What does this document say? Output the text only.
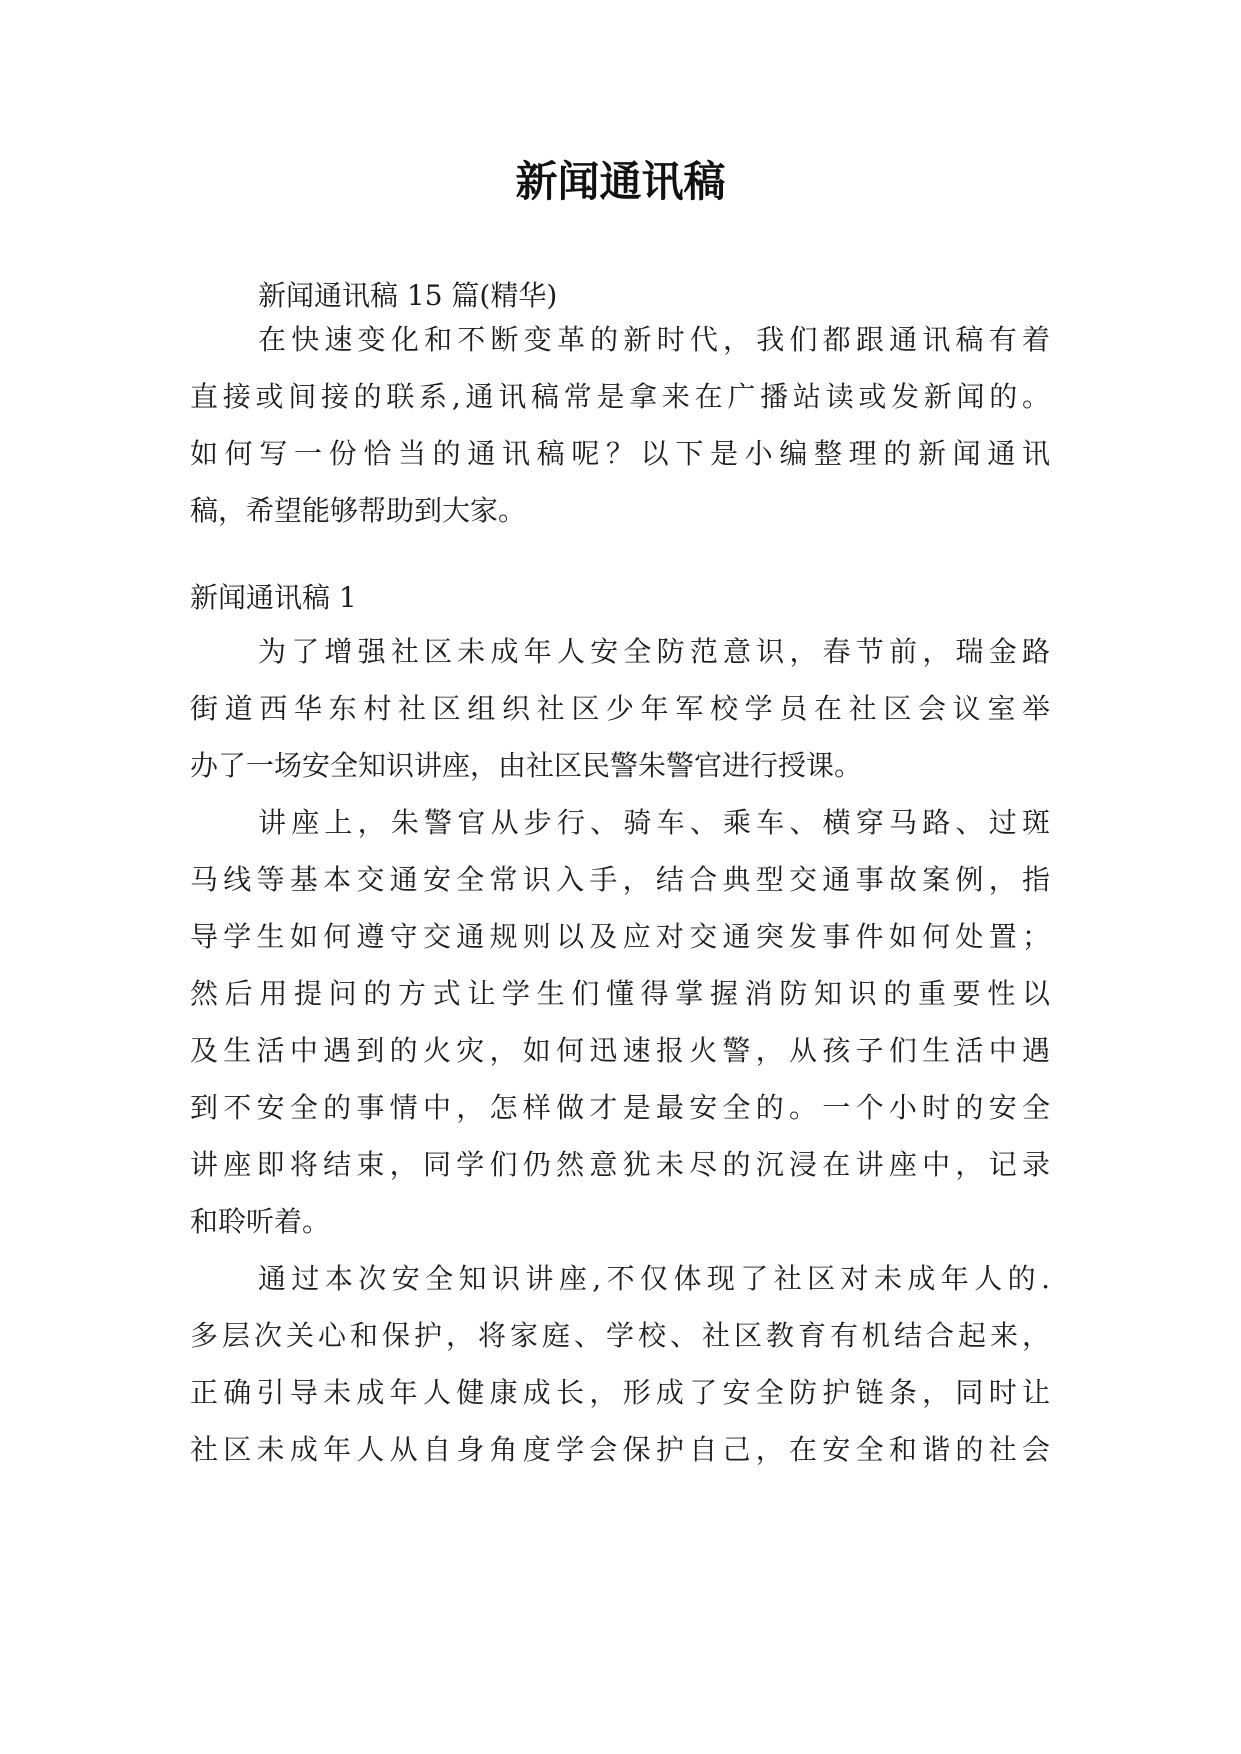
新闻通讯稿
新闻通讯稿 15 篇(精华)
在快速变化和不断变革的新时代，我们都跟通讯稿有着
直接或间接的联系,通讯稿常是拿来在广播站读或发新闻的。
如何写一份恰当的通讯稿呢？以下是小编整理的新闻通讯
稿，希望能够帮助到大家。
新闻通讯稿 1
为了增强社区未成年人安全防范意识，春节前，瑞金路
街道西华东村社区组织社区少年军校学员在社区会议室举
办了一场安全知识讲座，由社区民警朱警官进行授课。
讲座上，朱警官从步行、骑车、乘车、横穿马路、过斑
马线等基本交通安全常识入手，结合典型交通事故案例，指
导学生如何遵守交通规则以及应对交通突发事件如何处置；
然后用提问的方式让学生们懂得掌握消防知识的重要性以
及生活中遇到的火灾，如何迅速报火警，从孩子们生活中遇
到不安全的事情中，怎样做才是最安全的。一个小时的安全
讲座即将结束，同学们仍然意犹未尽的沉浸在讲座中，记录
和聆听着。
通过本次安全知识讲座,不仅体现了社区对未成年人的.
多层次关心和保护，将家庭、学校、社区教育有机结合起来，
正确引导未成年人健康成长，形成了安全防护链条，同时让
社区未成年人从自身角度学会保护自己，在安全和谐的社会
